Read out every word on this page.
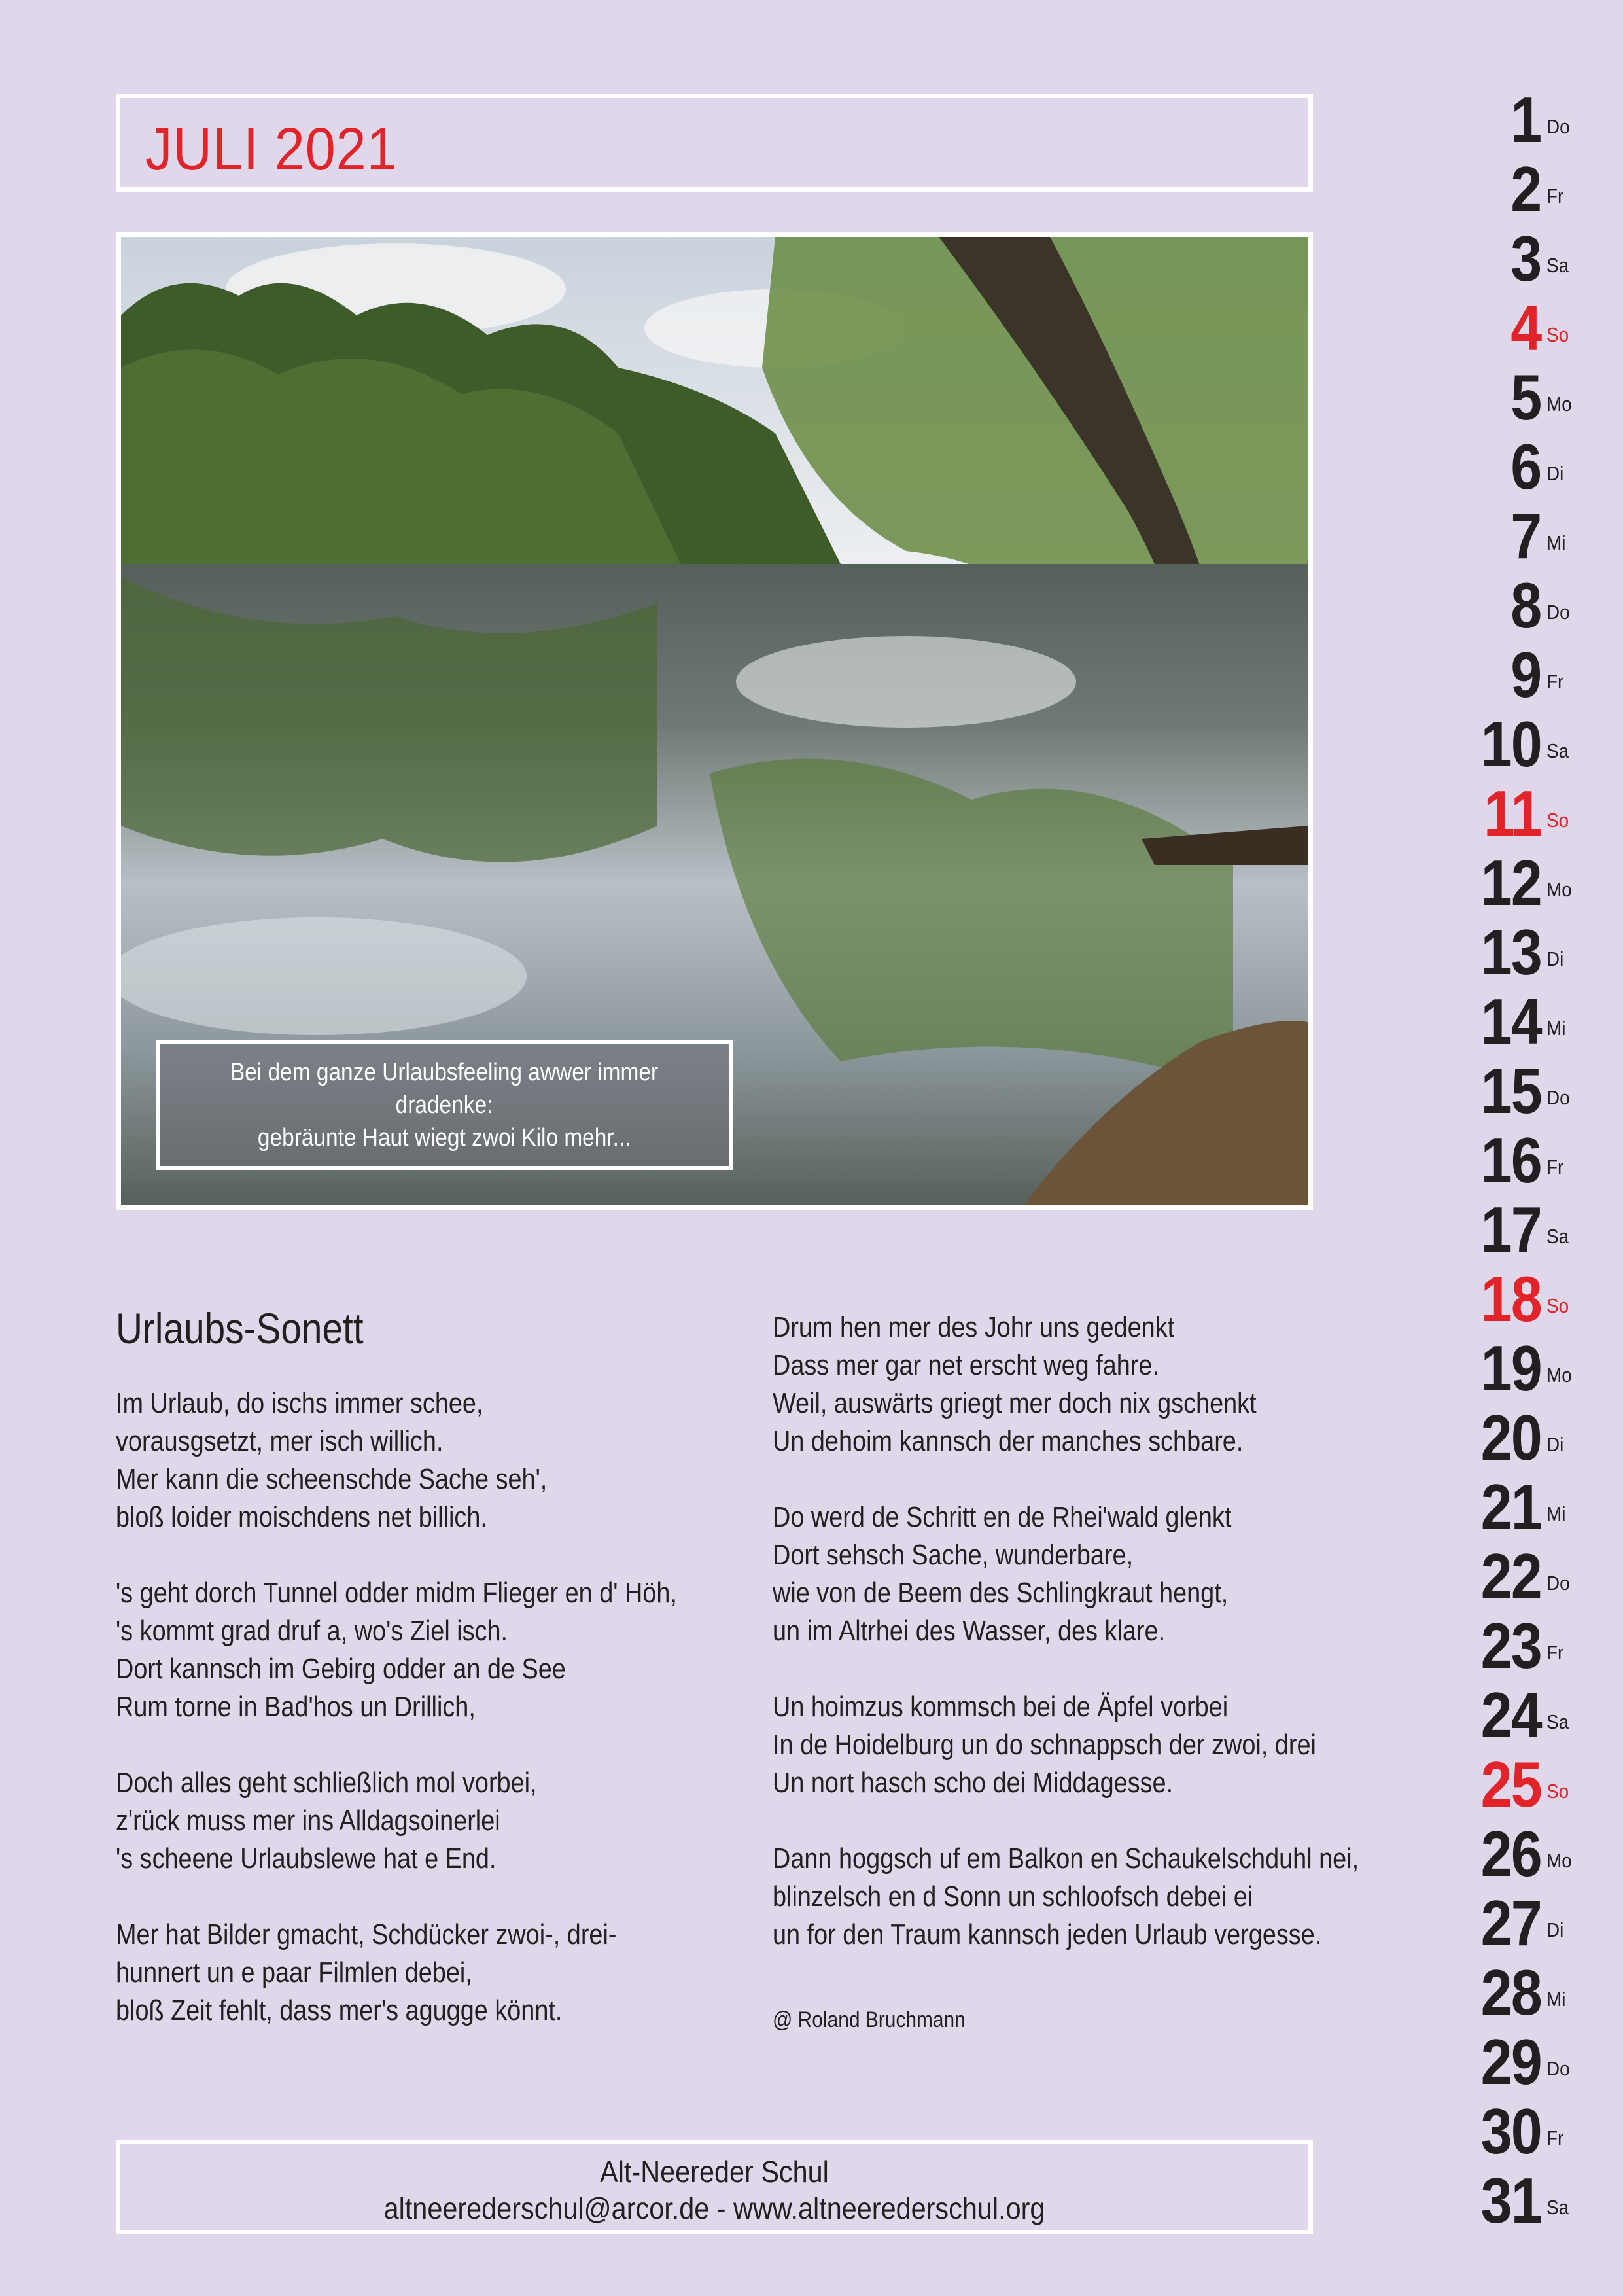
JULI 2021
Bei dem ganze Urlaubsfeeling awwer immer dradenke:
gebräunte Haut wiegt zwoi Kilo mehr...
Urlaubs-Sonett
Im Urlaub, do ischs immer schee,
vorausgsetzt, mer isch willich.
Mer kann die scheenschde Sache seh',
bloß loider moischdens net billich.
's geht dorch Tunnel odder midm Flieger en d' Höh,
's kommt grad druf a, wo's Ziel isch.
Dort kannsch im Gebirg odder an de See
Rum torne in Bad'hos un Drillich,
Doch alles geht schließlich mol vorbei,
z'rück muss mer ins Alldagsoinerlei
's scheene Urlaubslewe hat e End.
Mer hat Bilder gmacht, Schdücker zwoi-, drei-
hunnert un e paar Filmlen debei,
bloß Zeit fehlt, dass mer's agugge könnt.
Drum hen mer des Johr uns gedenkt
Dass mer gar net erscht weg fahre.
Weil, auswärts griegt mer doch nix gschenkt
Un dehoim kannsch der manches schbare.
Do werd de Schritt en de Rhei'wald glenkt
Dort sehsch Sache, wunderbare,
wie von de Beem des Schlingkraut hengt,
un im Altrhei des Wasser, des klare.
Un hoimzus kommsch bei de Äpfel vorbei
In de Hoidelburg un do schnappsch der zwoi, drei
Un nort hasch scho dei Middagesse.
Dann hoggsch uf em Balkon en Schaukelschduhl nei,
blinzelsch en d Sonn un schloofsch debei ei
un for den Traum kannsch jeden Urlaub vergesse.
@ Roland Bruchmann
Alt-Neereder Schul
altneerederschul@arcor.de - www.altneerederschul.org
1 Do
2 Fr
3 Sa
4 So
5 Mo
6 Di
7 Mi
8 Do
9 Fr
10 Sa
11 So
12 Mo
13 Di
14 Mi
15 Do
16 Fr
17 Sa
18 So
19 Mo
20 Di
21 Mi
22 Do
23 Fr
24 Sa
25 So
26 Mo
27 Di
28 Mi
29 Do
30 Fr
31 Sa
